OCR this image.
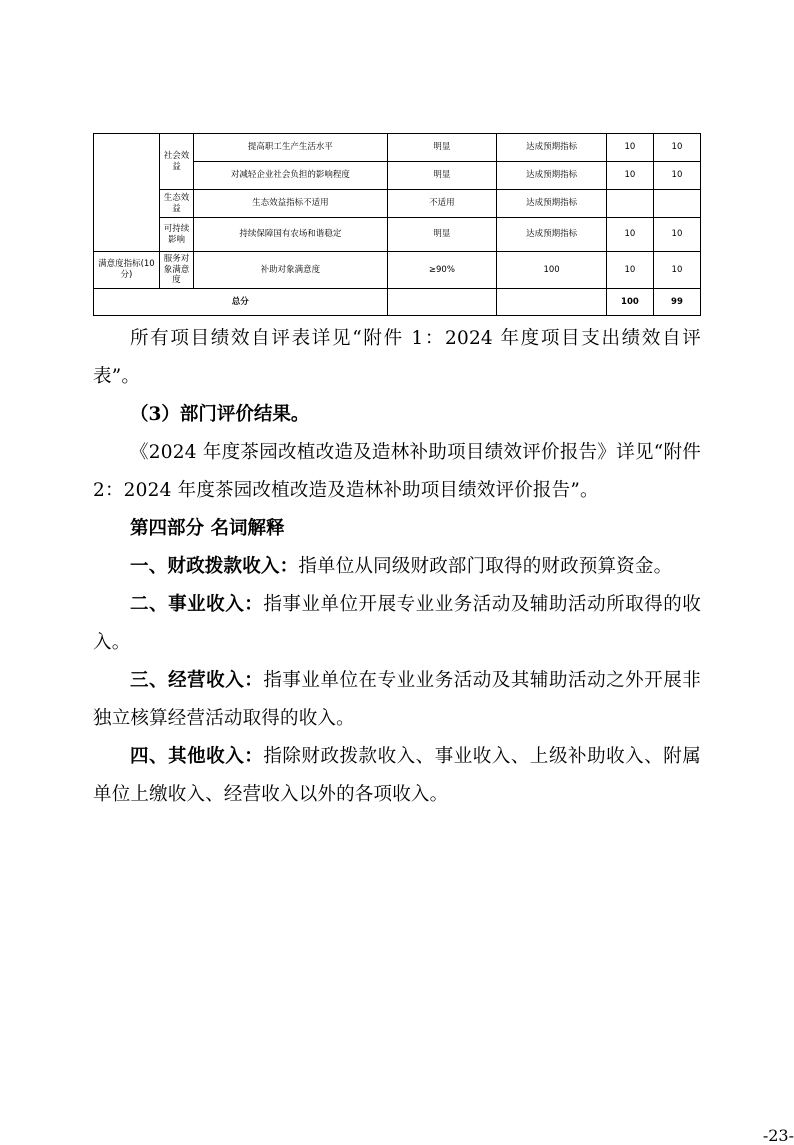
	社会效益	提高职工生产生活水平	明显	达成预期指标	10	10
		对减轻企业社会负担的影响程度	明显	达成预期指标	10	10
	生态效益	生态效益指标不适用	不适用	达成预期指标		
	可持续影响	持续保障国有农场和谐稳定	明显	达成预期指标	10	10
满意度指标(10分)	服务对象满意度	补助对象满意度	≥90%	100	10	10
总分					100	99

所有项目绩效自评表详见“附件 1：2024 年度项目支出绩效自评表”。

（3）部门评价结果。

《2024 年度茶园改植改造及造林补助项目绩效评价报告》详见“附件 2：2024 年度茶园改植改造及造林补助项目绩效评价报告”。

第四部分 名词解释

一、财政拨款收入：指单位从同级财政部门取得的财政预算资金。

二、事业收入：指事业单位开展专业业务活动及辅助活动所取得的收入。

三、经营收入：指事业单位在专业业务活动及其辅助活动之外开展非独立核算经营活动取得的收入。

四、其他收入：指除财政拨款收入、事业收入、上级补助收入、附属单位上缴收入、经营收入以外的各项收入。

-23-
